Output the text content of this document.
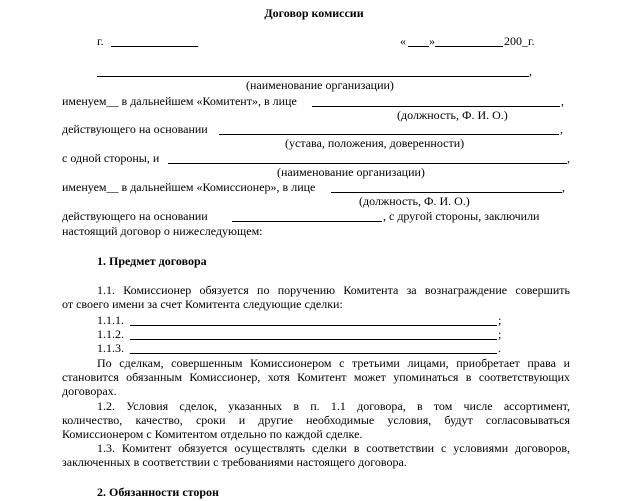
Договор комиссии
г.	« »	200 _г.
,
(наименование организации)
именуем__ в дальнейшем «Комитент», в лице	,
(должность, Ф. И. О.)
действующего на основании	,
(устава, положения, доверенности)
с одной стороны, и	,
(наименование организации)
именуем__ в дальнейшем «Комиссионер», в лице	,
(должность, Ф. И. О.)
действующего на основании	, с другой стороны, заключили
настоящий договор о нижеследующем:
1. Предмет договора
1.1. Комиссионер обязуется по поручению Комитента за вознаграждение совершить
от своего имени за счет Комитента следующие сделки:
1.1.1.	;
1.1.2.	;
1.1.3.	.
По сделкам, совершенным Комиссионером с третьими лицами, приобретает права и
становится обязанным Комиссионер, хотя Комитент может упоминаться в соответствующих
договорах.
1.2. Условия сделок, указанных в п. 1.1 договора, в том числе ассортимент,
количество, качество, сроки и другие необходимые условия, будут согласовываться
Комиссионером с Комитентом отдельно по каждой сделке.
1.3. Комитент обязуется осуществлять сделки в соответствии с условиями договоров,
заключенных в соответствии с требованиями настоящего договора.
2. Обязанности сторон
